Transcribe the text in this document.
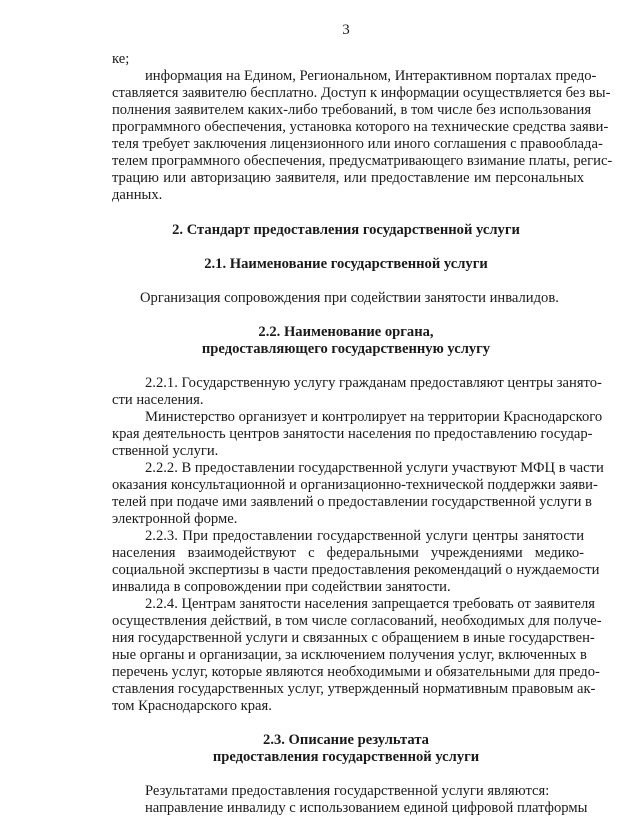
3
ке;
информация на Едином, Региональном, Интерактивном порталах предо-
ставляется заявителю бесплатно. Доступ к информации осуществляется без вы-
полнения заявителем каких-либо требований, в том числе без использования
программного обеспечения, установка которого на технические средства заяви-
теля требует заключения лицензионного или иного соглашения с правооблада-
телем программного обеспечения, предусматривающего взимание платы, регис-
трацию или авторизацию заявителя, или предоставление им персональных
данных.
2. Стандарт предоставления государственной услуги
2.1. Наименование государственной услуги
Организация сопровождения при содействии занятости инвалидов.
2.2. Наименование органа,
предоставляющего государственную услугу
2.2.1. Государственную услугу гражданам предоставляют центры занято-
сти населения.
Министерство организует и контролирует на территории Краснодарского
края деятельность центров занятости населения по предоставлению государ-
ственной услуги.
2.2.2. В предоставлении государственной услуги участвуют МФЦ в части
оказания консультационной и организационно-технической поддержки заяви-
телей при подаче ими заявлений о предоставлении государственной услуги в
электронной форме.
2.2.3. При предоставлении государственной услуги центры занятости
населения взаимодействуют с федеральными учреждениями медико-
социальной экспертизы в части предоставления рекомендаций о нуждаемости
инвалида в сопровождении при содействии занятости.
2.2.4. Центрам занятости населения запрещается требовать от заявителя
осуществления действий, в том числе согласований, необходимых для получе-
ния государственной услуги и связанных с обращением в иные государствен-
ные органы и организации, за исключением получения услуг, включенных в
перечень услуг, которые являются необходимыми и обязательными для предо-
ставления государственных услуг, утвержденный нормативным правовым ак-
том Краснодарского края.
2.3. Описание результата
предоставления государственной услуги
Результатами предоставления государственной услуги являются:
направление инвалиду с использованием единой цифровой платформы
